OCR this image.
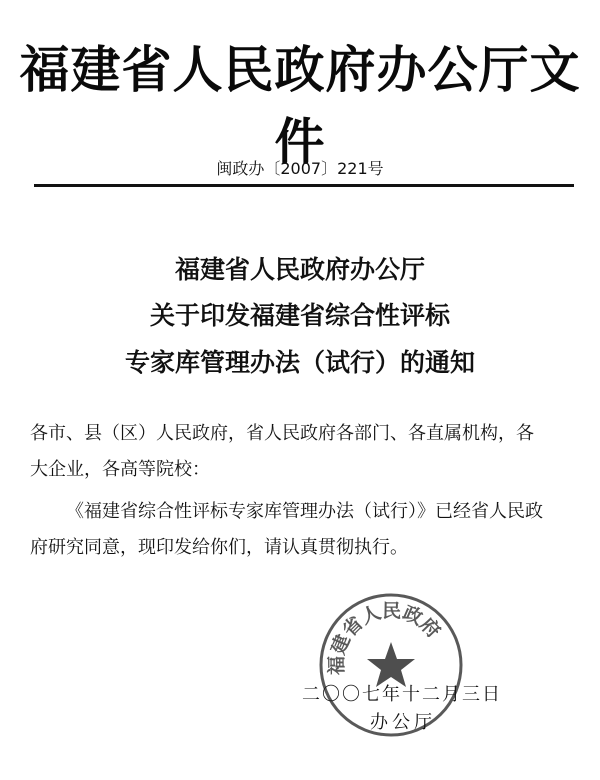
福建省人民政府办公厅文件
闽政办〔2007〕221号
福建省人民政府办公厅
关于印发福建省综合性评标
专家库管理办法（试行）的通知
各市、县（区）人民政府，省人民政府各部门、各直属机构，各
大企业，各高等院校：
《福建省综合性评标专家库管理办法（试行）》已经省人民政
府研究同意，现印发给你们，请认真贯彻执行。
福建省人民政府
二〇〇七年十二月三日
办公厅
